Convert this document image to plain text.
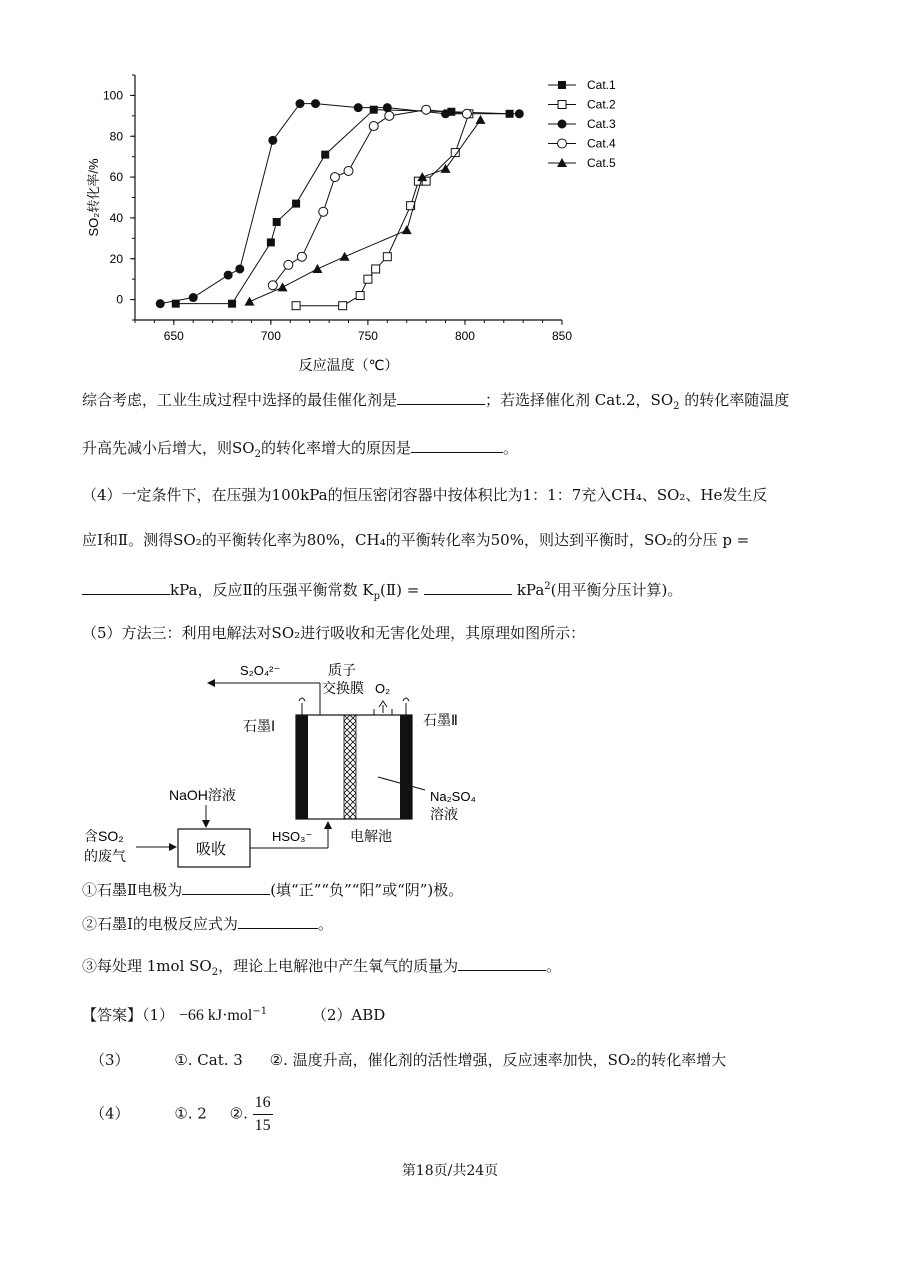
650	700	750	800	850
0
20
40
60
80
100
反应温度（℃）
SO₂转化率/%
Cat.1
Cat.2
Cat.3
Cat.4
Cat.5
综合考虑，工业生成过程中选择的最佳催化剂是	；若选择催化剂 Cat.2，$SO_2$ 的转化率随温度
升高先减小后增大，则$SO_2$的转化率增大的原因是	。
（4）一定条件下，在压强为100kPa的恒压密闭容器中按体积比为1：1：7充入CH₄、SO₂、He发生反
应Ⅰ和Ⅱ。测得SO₂的平衡转化率为80%，CH₄的平衡转化率为50%，则达到平衡时，SO₂的分压 p =
kPa，反应Ⅱ的压强平衡常数 $K_p(Ⅱ)$ =	kPa$^2$(用平衡分压计算)。
（5）方法三：利用电解法对SO₂进行吸收和无害化处理，其原理如图所示：
S₂O₄²⁻	质子
交换膜 O₂
石墨Ⅰ	石墨Ⅱ
Na₂SO₄
溶液
NaOH溶液
吸收
含SO₂
的废气
HSO₃⁻	电解池
①石墨Ⅱ电极为	(填“正”“负”“阳”或“阴”)极。
②石墨Ⅰ的电极反应式为	。
③每处理 1mol $SO_2$，理论上电解池中产生氧气的质量为	。
【答案】（1） −66 kJ·mol$^{-1}$	（2）ABD
（3）	①. Cat. 3 ②. 温度升高，催化剂的活性增强，反应速率加快，SO₂的转化率增大
（4）	①. 2 ②. $\frac{16}{15}$
第18页/共24页
